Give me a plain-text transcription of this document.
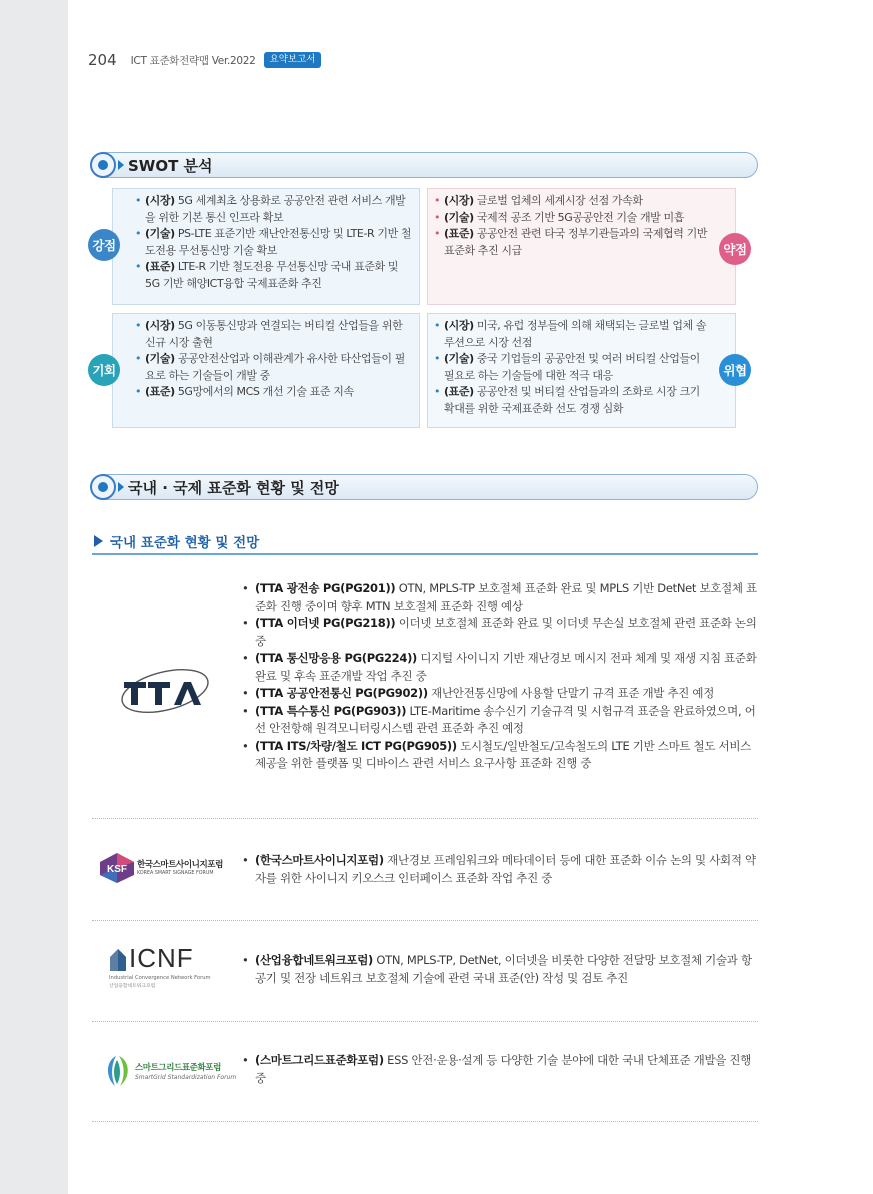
204 ICT 표준화전략맵 Ver.2022	요약보고서
SWOT 분석
• (시장) 5G 세계최초 상용화로 공공안전 관련 서비스 개발을 위한 기본 통신 인프라 확보
• (기술) PS-LTE 표준기반 재난안전통신망 및 LTE-R 기반 철도전용 무선통신망 기술 확보
• (표준) LTE-R 기반 철도전용 무선통신망 국내 표준화 및 5G 기반 해양ICT융합 국제표준화 추진
강점
• (시장) 글로벌 업체의 세계시장 선점 가속화
• (기술) 국제적 공조 기반 5G공공안전 기술 개발 미흡
• (표준) 공공안전 관련 타국 정부기관들과의 국제협력 기반 표준화 추진 시급	약점
• (시장) 5G 이동통신망과 연결되는 버티컬 산업들을 위한 신규 시장 출현
• (기술) 공공안전산업과 이해관계가 유사한 타산업들이 필요로 하는 기술들이 개발 중
• (표준) 5G망에서의 MCS 개선 기술 표준 지속
기회
• (시장) 미국, 유럽 정부들에 의해 채택되는 글로벌 업체 솔루션으로 시장 선점
• (기술) 중국 기업들의 공공안전 및 여러 버티컬 산업들이 필요로 하는 기술들에 대한 적극 대응
• (표준) 공공안전 및 버티컬 산업들과의 조화로 시장 크기 확대를 위한 국제표준화 선도 경쟁 심화
위협
국내 · 국제 표준화 현황 및 전망
국내 표준화 현황 및 전망
• (TTA 광전송 PG(PG201)) OTN, MPLS-TP 보호절체 표준화 완료 및 MPLS 기반 DetNet 보호절체 표준화 진행 중이며 향후 MTN 보호절체 표준화 진행 예상
• (TTA 이더넷 PG(PG218)) 이더넷 보호절체 표준화 완료 및 이더넷 무손실 보호절체 관련 표준화 논의 중
• (TTA 통신망응용 PG(PG224)) 디지털 사이니지 기반 재난경보 메시지 전파 체계 및 재생 지침 표준화 완료 및 후속 표준개발 작업 추진 중
• (TTA 공공안전통신 PG(PG902)) 재난안전통신망에 사용할 단말기 규격 표준 개발 추진 예정
• (TTA 특수통신 PG(PG903)) LTE-Maritime 송수신기 기술규격 및 시험규격 표준을 완료하였으며, 어선 안전항해 원격모니터링시스템 관련 표준화 추진 예정
• (TTA ITS/차량/철도 ICT PG(PG905)) 도시철도/일반철도/고속철도의 LTE 기반 스마트 철도 서비스 제공을 위한 플랫폼 및 디바이스 관련 서비스 요구사항 표준화 진행 중
KSF 한국스마트사이니지포럼
KOREA SMART SIGNAGE FORUM
• (한국스마트사이니지포럼) 재난경보 프레임워크와 메타데이터 등에 대한 표준화 이슈 논의 및 사회적 약자를 위한 사이니지 키오스크 인터페이스 표준화 작업 추진 중
ICNF
Industrial Convergence Network Forum
산업융합네트워크포럼
• (산업융합네트워크포럼) OTN, MPLS-TP, DetNet, 이더넷을 비롯한 다양한 전달망 보호절체 기술과 항공기 및 전장 네트워크 보호절체 기술에 관련 국내 표준(안) 작성 및 검토 추진
스마트그리드표준화포럼
SmartGrid Standardization Forum
• (스마트그리드표준화포럼) ESS 안전·운용·설계 등 다양한 기술 분야에 대한 국내 단체표준 개발을 진행 중
